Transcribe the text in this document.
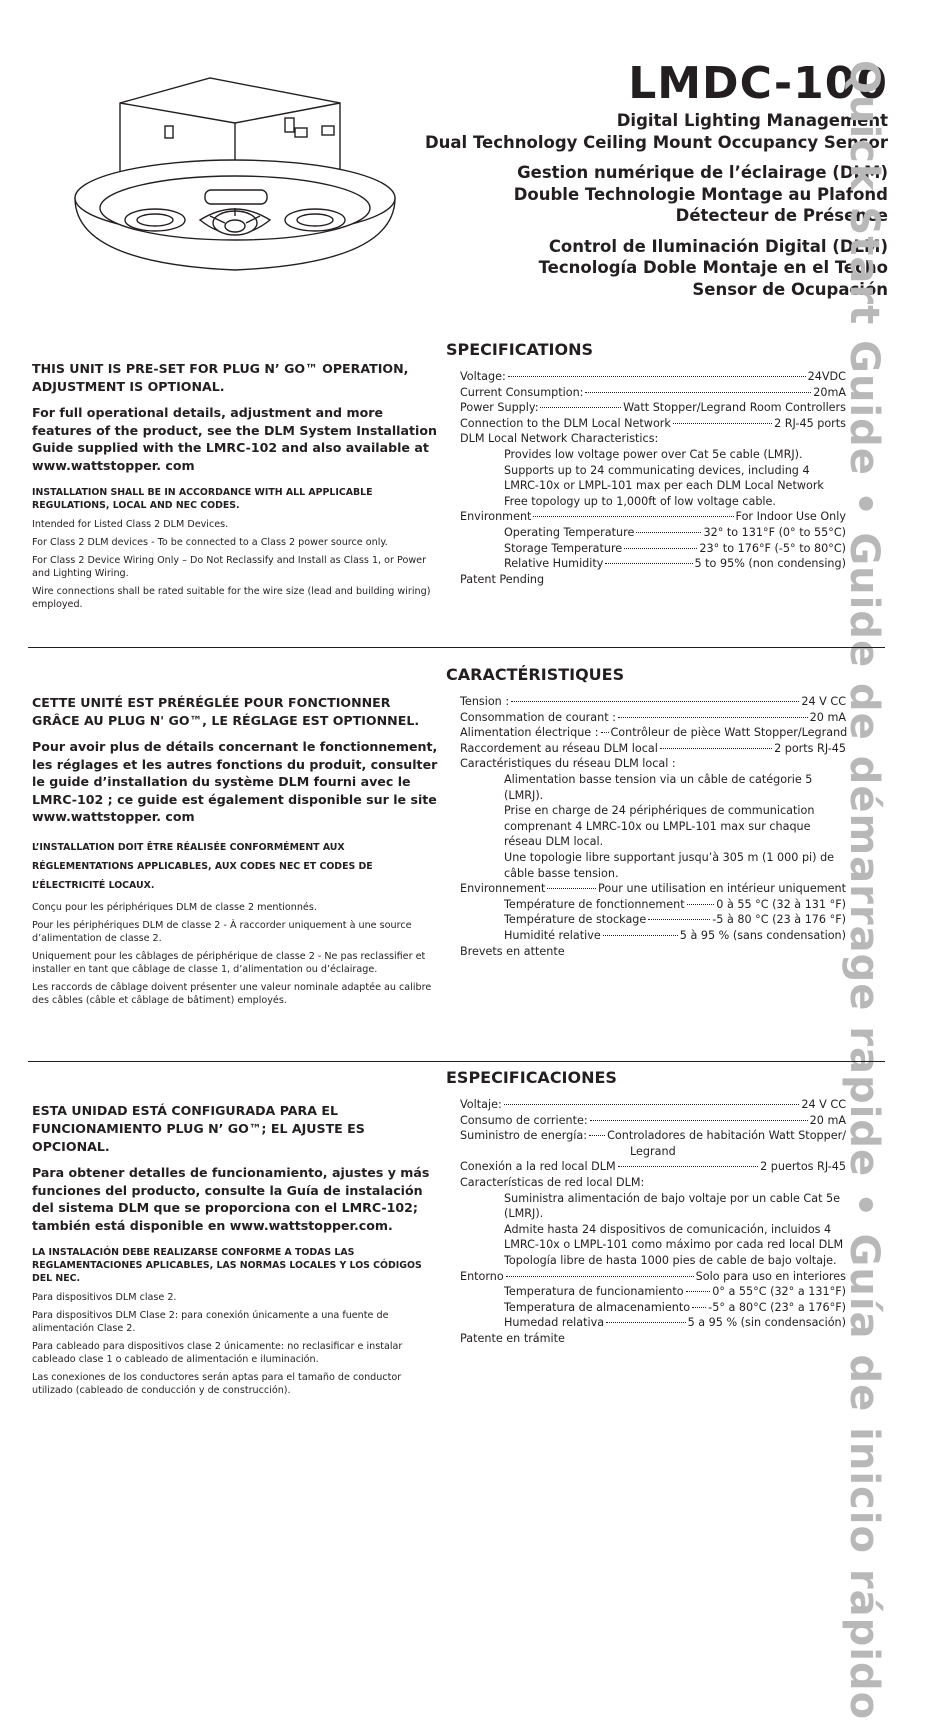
LMDC-100
Digital Lighting Management
Dual Technology Ceiling Mount Occupancy Sensor
Gestion numérique de l’éclairage (DLM)
Double Technologie Montage au Plafond
Détecteur de Présence
Control de Iluminación Digital (DLM)
Tecnología Doble Montaje en el Techo
Sensor de Ocupación
Quick Start Guide • Guide de démarrage rapide • Guía de inicio rápido

THIS UNIT IS PRE-SET FOR PLUG N’ GO™ OPERATION, ADJUSTMENT IS OPTIONAL.

For full operational details, adjustment and more features of the product, see the DLM System Installation Guide supplied with the LMRC-102 and also available at www.wattstopper. com

INSTALLATION SHALL BE IN ACCORDANCE WITH ALL APPLICABLE REGULATIONS, LOCAL AND NEC CODES.

Intended for Listed Class 2 DLM Devices.

For Class 2 DLM devices - To be connected to a Class 2 power source only.

For Class 2 Device Wiring Only – Do Not Reclassify and Install as Class 1, or Power and Lighting Wiring.

Wire connections shall be rated suitable for the wire size (lead and building wiring) employed.

CETTE UNITÉ EST PRÉRÉGLÉE POUR FONCTIONNER GRÂCE AU PLUG N' GO™, LE RÉGLAGE EST OPTIONNEL.

Pour avoir plus de détails concernant le fonctionnement, les réglages et les autres fonctions du produit, consulter le guide d’installation du système DLM fourni avec le LMRC-102 ; ce guide est également disponible sur le site www.wattstopper. com

L’INSTALLATION DOIT ÊTRE RÉALISÉE CONFORMÉMENT AUX RÉGLEMENTATIONS APPLICABLES, AUX CODES NEC ET CODES DE L’ÉLECTRICITÉ LOCAUX.

Conçu pour les périphériques DLM de classe 2 mentionnés.

Pour les périphériques DLM de classe 2 - À raccorder uniquement à une source d’alimentation de classe 2.

Uniquement pour les câblages de périphérique de classe 2 - Ne pas reclassifier et installer en tant que câblage de classe 1, d’alimentation ou d’éclairage.

Les raccords de câblage doivent présenter une valeur nominale adaptée au calibre des câbles (câble et câblage de bâtiment) employés.

ESTA UNIDAD ESTÁ CONFIGURADA PARA EL FUNCIONAMIENTO PLUG N’ GO™; EL AJUSTE ES OPCIONAL.

Para obtener detalles de funcionamiento, ajustes y más funciones del producto, consulte la Guía de instalación del sistema DLM que se proporciona con el LMRC-102; también está disponible en www.wattstopper.com.

LA INSTALACIÓN DEBE REALIZARSE CONFORME A TODAS LAS REGLAMENTACIONES APLICABLES, LAS NORMAS LOCALES Y LOS CÓDIGOS DEL NEC.

Para dispositivos DLM clase 2.

Para dispositivos DLM Clase 2: para conexión únicamente a una fuente de alimentación Clase 2.

Para cableado para dispositivos clase 2 únicamente: no reclasificar e instalar cableado clase 1 o cableado de alimentación e iluminación.

Las conexiones de los conductores serán aptas para el tamaño de conductor utilizado (cableado de conducción y de construcción).

SPECIFICATIONS
Voltage:	24VDC
Current Consumption:	20mA
Power Supply:	Watt Stopper/Legrand Room Controllers
Connection to the DLM Local Network	2 RJ-45 ports
DLM Local Network Characteristics:
Provides low voltage power over Cat 5e cable (LMRJ).
Supports up to 24 communicating devices, including 4 LMRC-10x or LMPL-101 max per each DLM Local Network
Free topology up to 1,000ft of low voltage cable.
Environment	For Indoor Use Only
Operating Temperature	32° to 131°F (0° to 55°C)
Storage Temperature	23° to 176°F (-5° to 80°C)
Relative Humidity	5 to 95% (non condensing)
Patent Pending
CARACTÉRISTIQUES
Tension :	24 V CC
Consommation de courant :	20 mA
Alimentation électrique : Contrôleur de pièce Watt Stopper/Legrand
Raccordement au réseau DLM local	2 ports RJ-45
Caractéristiques du réseau DLM local :
Alimentation basse tension via un câble de catégorie 5 (LMRJ).
Prise en charge de 24 périphériques de communication comprenant 4 LMRC-10x ou LMPL-101 max sur chaque réseau DLM local.
Une topologie libre supportant jusqu’à 305 m (1 000 pi) de câble basse tension.
Environnement	Pour une utilisation en intérieur uniquement
Température de fonctionnement	0 à 55 °C (32 à 131 °F)
Température de stockage	-5 à 80 °C (23 à 176 °F)
Humidité relative	5 à 95 % (sans condensation)
Brevets en attente
ESPECIFICACIONES
Voltaje:	24 V CC
Consumo de corriente:	20 mA
Suministro de energía: Controladores de habitación Watt Stopper/
Legrand
Conexión a la red local DLM	2 puertos RJ-45
Características de red local DLM:
Suministra alimentación de bajo voltaje por un cable Cat 5e (LMRJ).
Admite hasta 24 dispositivos de comunicación, incluidos 4 LMRC-10x o LMPL-101 como máximo por cada red local DLM
Topología libre de hasta 1000 pies de cable de bajo voltaje.
Entorno	Solo para uso en interiores
Temperatura de funcionamiento	0° a 55°C (32° a 131°F)
Temperatura de almacenamiento -5° a 80°C (23° a 176°F)
Humedad relativa	5 a 95 % (sin condensación)
Patente en trámite
